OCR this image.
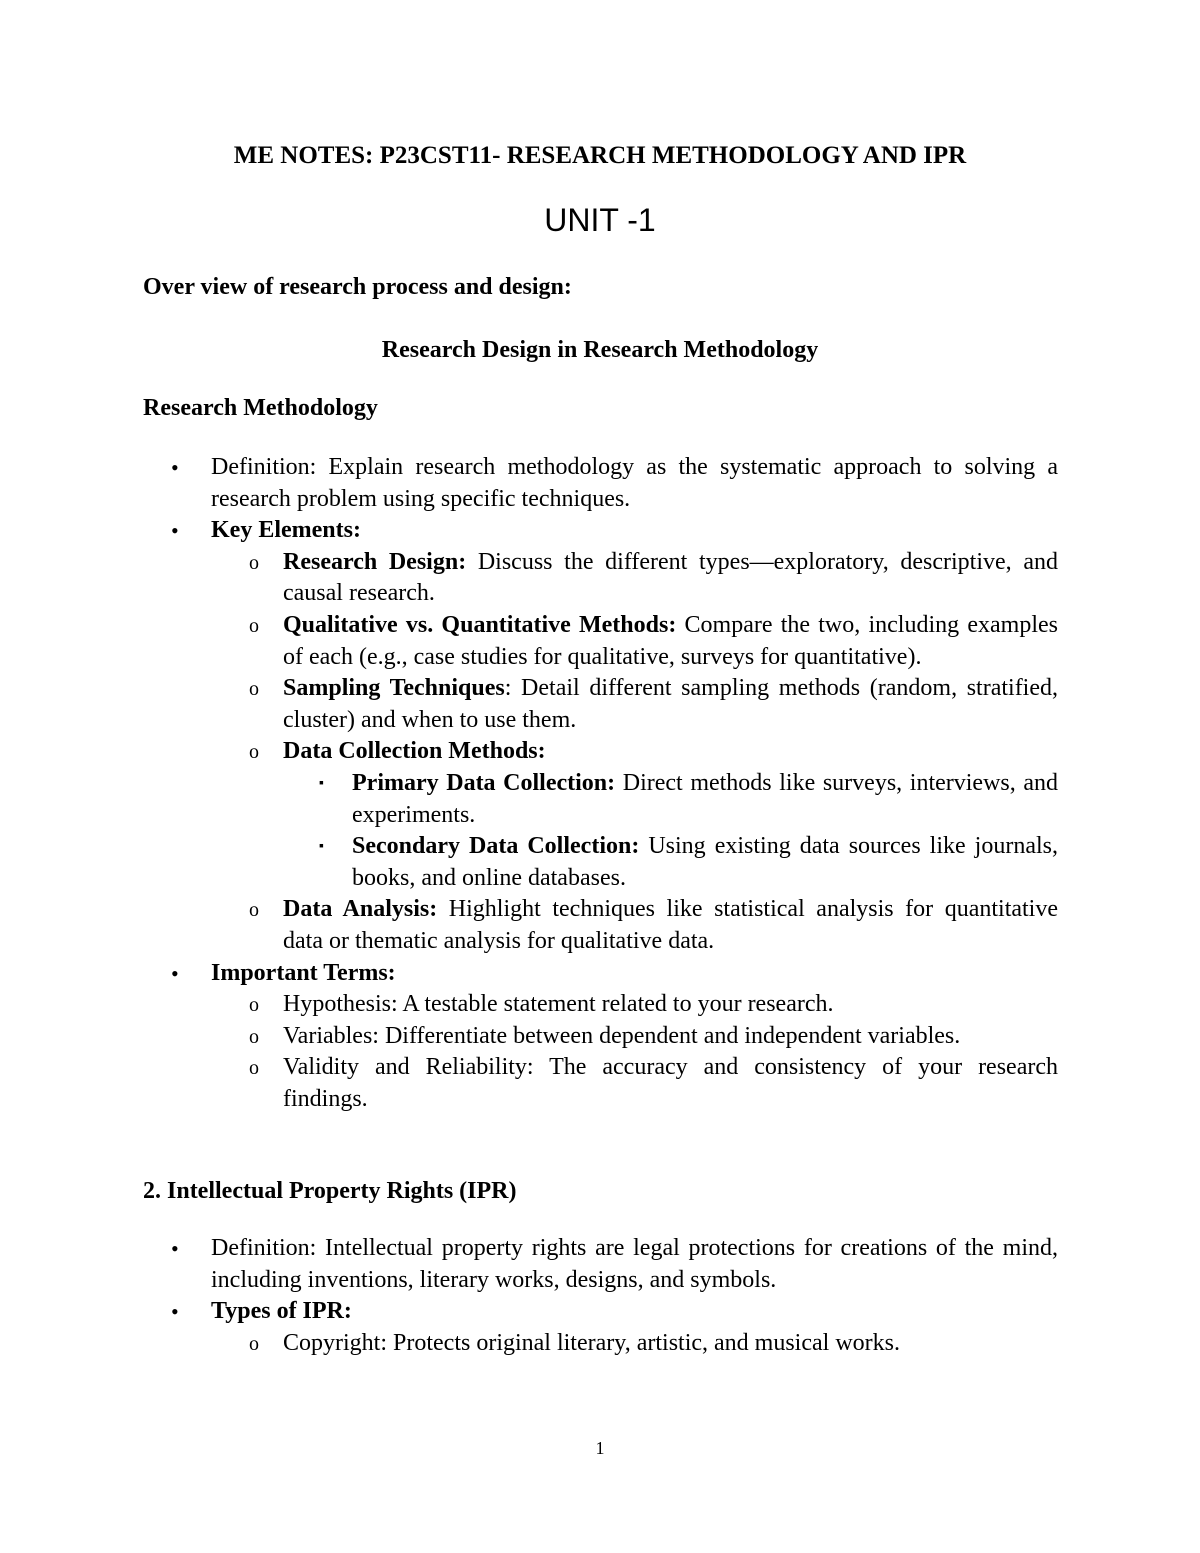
ME NOTES: P23CST11- RESEARCH METHODOLOGY AND IPR
UNIT -1
Over view of research process and design:
Research Design in Research Methodology
Research Methodology
• Definition: Explain research methodology as the systematic approach to solving a research problem using specific techniques.
• Key Elements:
o Research Design: Discuss the different types—exploratory, descriptive, and causal research.
o Qualitative vs. Quantitative Methods: Compare the two, including examples of each (e.g., case studies for qualitative, surveys for quantitative).
o Sampling Techniques: Detail different sampling methods (random, stratified, cluster) and when to use them.
o Data Collection Methods:
▪ Primary Data Collection: Direct methods like surveys, interviews, and experiments.
▪ Secondary Data Collection: Using existing data sources like journals, books, and online databases.
o Data Analysis: Highlight techniques like statistical analysis for quantitative data or thematic analysis for qualitative data.
• Important Terms:
o Hypothesis: A testable statement related to your research.
o Variables: Differentiate between dependent and independent variables.
o Validity and Reliability: The accuracy and consistency of your research findings.
2. Intellectual Property Rights (IPR)
• Definition: Intellectual property rights are legal protections for creations of the mind, including inventions, literary works, designs, and symbols.
• Types of IPR:
o Copyright: Protects original literary, artistic, and musical works.
1
